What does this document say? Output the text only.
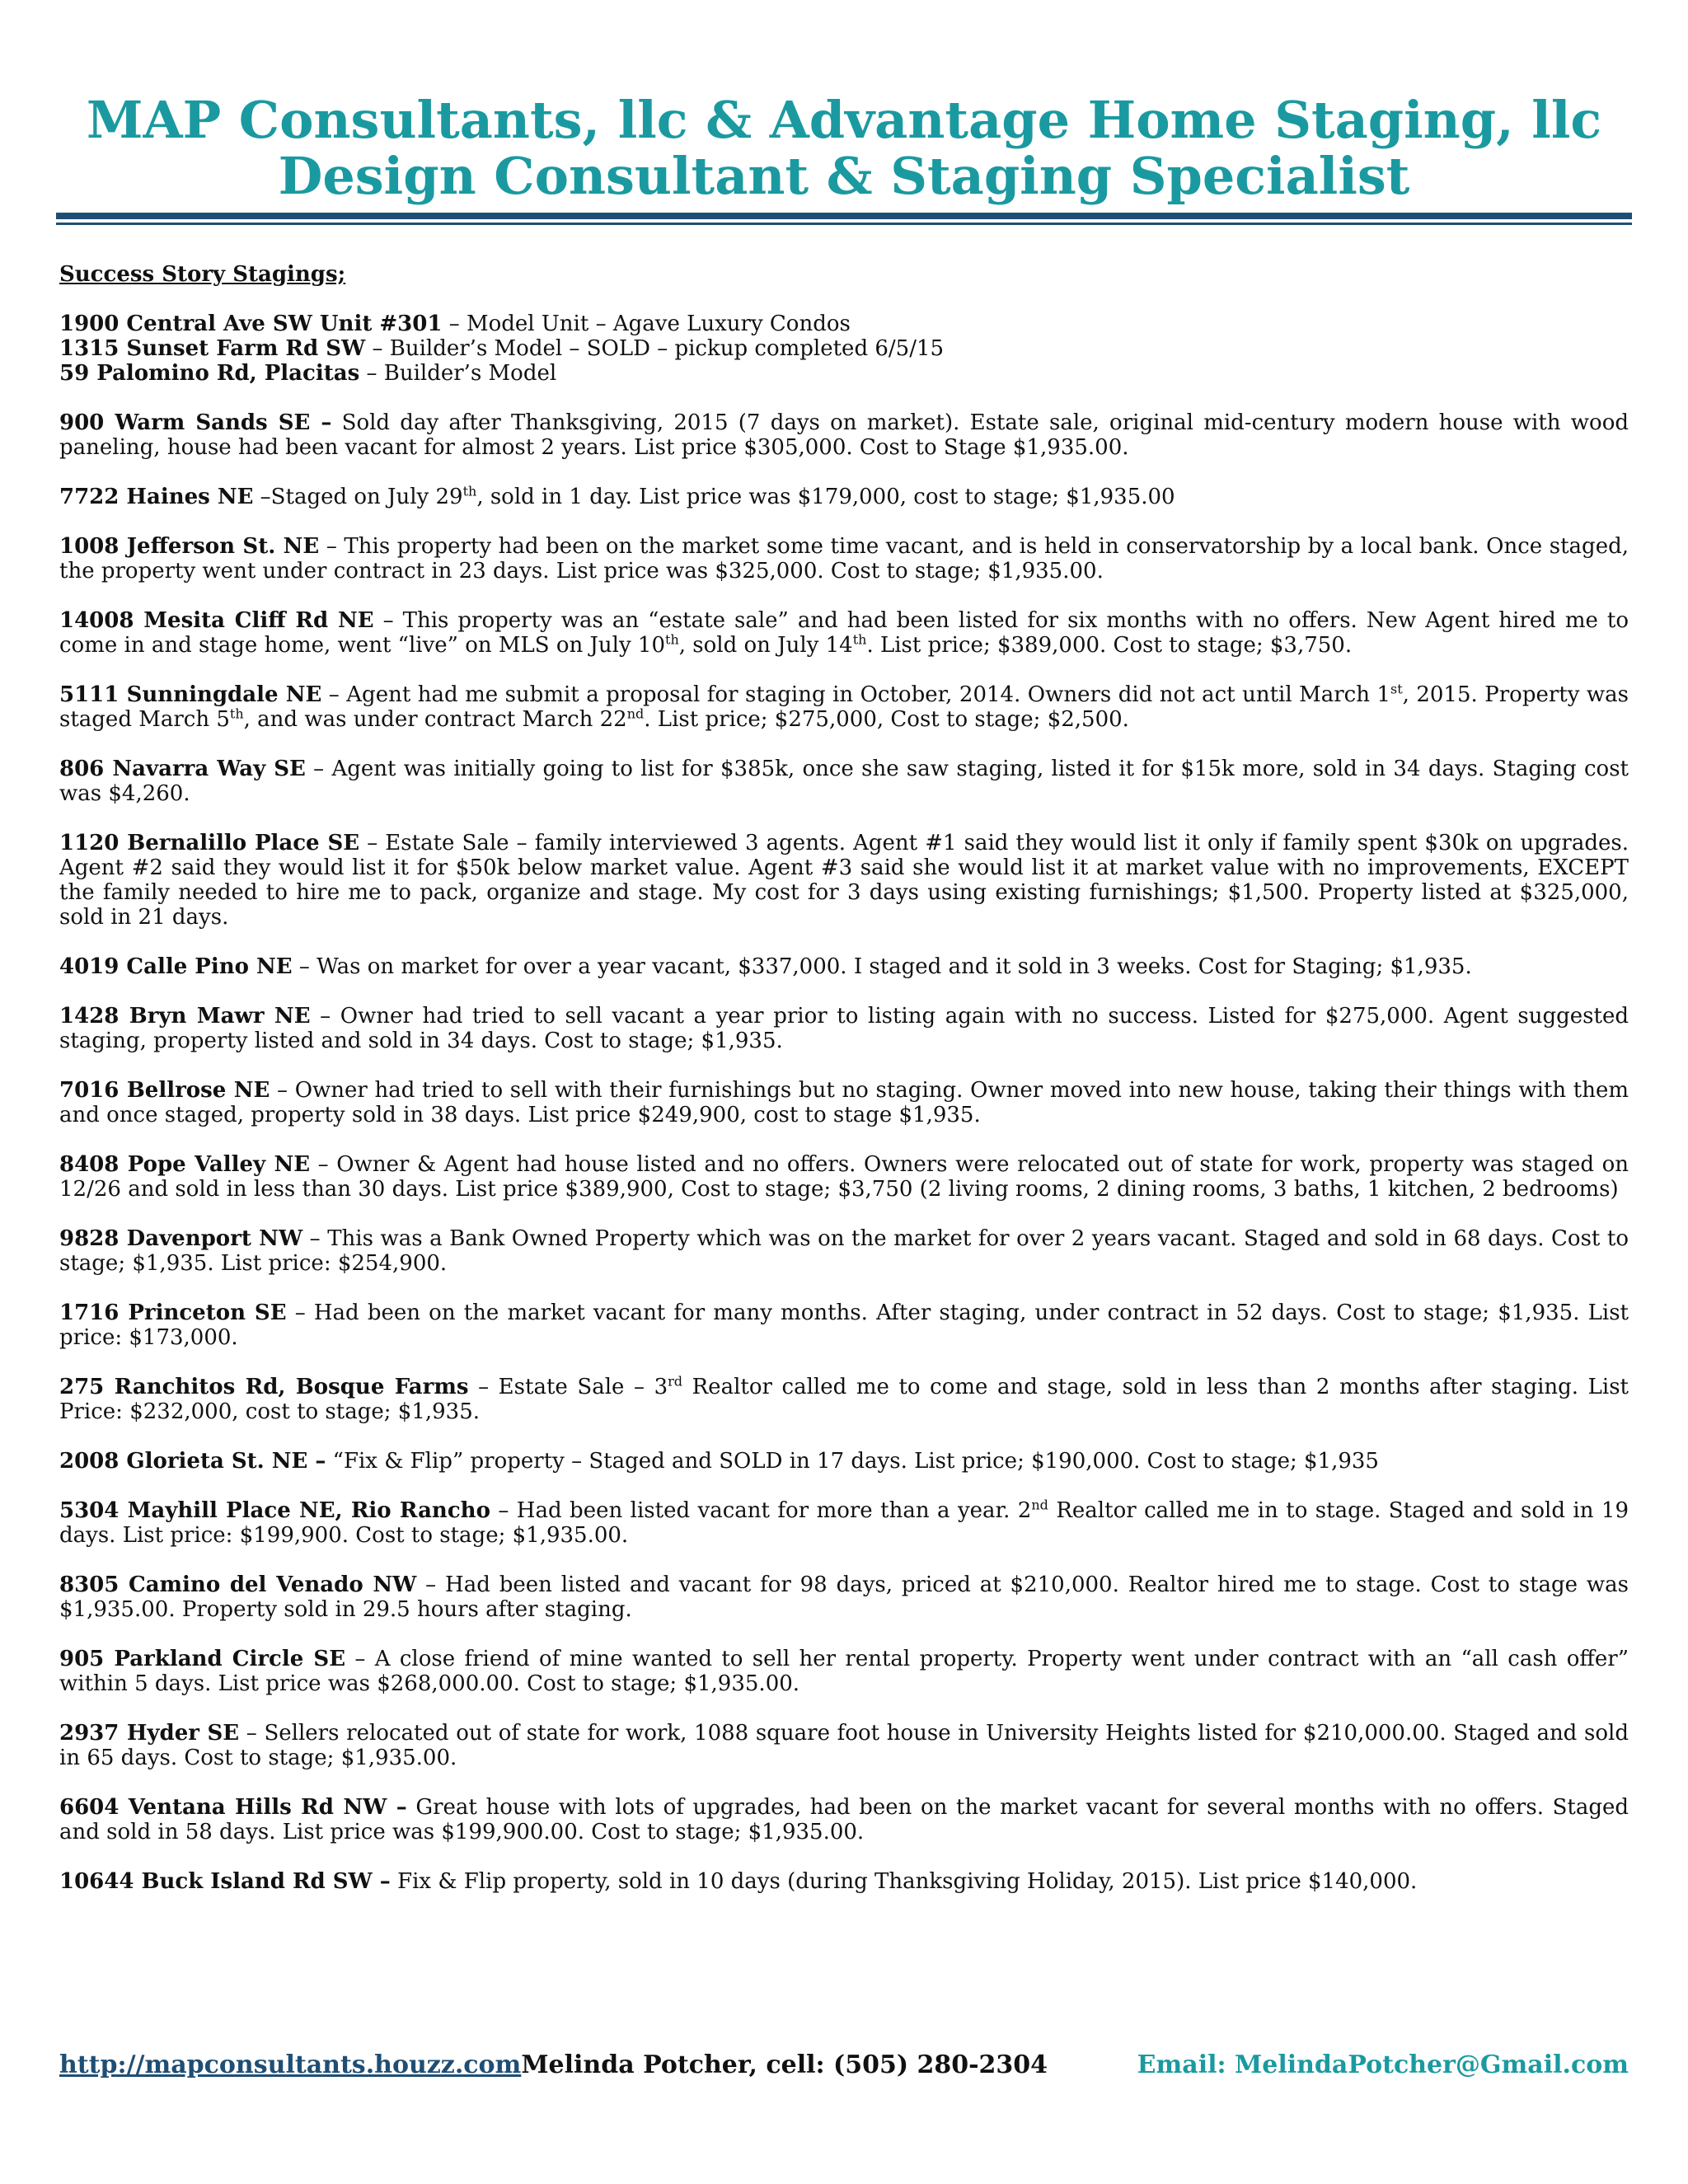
MAP Consultants, llc & Advantage Home Staging, llc
Design Consultant & Staging Specialist

Success Story Stagings;

1900 Central Ave SW Unit #301 – Model Unit – Agave Luxury Condos

1315 Sunset Farm Rd SW – Builder’s Model – SOLD – pickup completed 6/5/15

59 Palomino Rd, Placitas – Builder’s Model

900 Warm Sands SE – Sold day after Thanksgiving, 2015 (7 days on market). Estate sale, original mid-century modern house with wood paneling, house had been vacant for almost 2 years. List price $305,000. Cost to Stage $1,935.00.

7722 Haines NE –Staged on July 29th, sold in 1 day. List price was $179,000, cost to stage; $1,935.00

1008 Jefferson St. NE – This property had been on the market some time vacant, and is held in conservatorship by a local bank. Once staged, the property went under contract in 23 days. List price was $325,000. Cost to stage; $1,935.00.

14008 Mesita Cliff Rd NE – This property was an “estate sale” and had been listed for six months with no offers. New Agent hired me to come in and stage home, went “live” on MLS on July 10th, sold on July 14th. List price; $389,000. Cost to stage; $3,750.

5111 Sunningdale NE – Agent had me submit a proposal for staging in October, 2014. Owners did not act until March 1st, 2015. Property was staged March 5th, and was under contract March 22nd. List price; $275,000, Cost to stage; $2,500.

806 Navarra Way SE – Agent was initially going to list for $385k, once she saw staging, listed it for $15k more, sold in 34 days. Staging cost was $4,260.

1120 Bernalillo Place SE – Estate Sale – family interviewed 3 agents. Agent #1 said they would list it only if family spent $30k on upgrades. Agent #2 said they would list it for $50k below market value. Agent #3 said she would list it at market value with no improvements, EXCEPT the family needed to hire me to pack, organize and stage. My cost for 3 days using existing furnishings; $1,500. Property listed at $325,000, sold in 21 days.

4019 Calle Pino NE – Was on market for over a year vacant, $337,000. I staged and it sold in 3 weeks. Cost for Staging; $1,935.

1428 Bryn Mawr NE – Owner had tried to sell vacant a year prior to listing again with no success. Listed for $275,000. Agent suggested staging, property listed and sold in 34 days. Cost to stage; $1,935.

7016 Bellrose NE – Owner had tried to sell with their furnishings but no staging. Owner moved into new house, taking their things with them and once staged, property sold in 38 days. List price $249,900, cost to stage $1,935.

8408 Pope Valley NE – Owner & Agent had house listed and no offers. Owners were relocated out of state for work, property was staged on 12/26 and sold in less than 30 days. List price $389,900, Cost to stage; $3,750 (2 living rooms, 2 dining rooms, 3 baths, 1 kitchen, 2 bedrooms)

9828 Davenport NW – This was a Bank Owned Property which was on the market for over 2 years vacant. Staged and sold in 68 days. Cost to stage; $1,935. List price: $254,900.

1716 Princeton SE – Had been on the market vacant for many months. After staging, under contract in 52 days. Cost to stage; $1,935. List price: $173,000.

275 Ranchitos Rd, Bosque Farms – Estate Sale – 3rd Realtor called me to come and stage, sold in less than 2 months after staging. List Price: $232,000, cost to stage; $1,935.

2008 Glorieta St. NE – “Fix & Flip” property – Staged and SOLD in 17 days. List price; $190,000. Cost to stage; $1,935

5304 Mayhill Place NE, Rio Rancho – Had been listed vacant for more than a year. 2nd Realtor called me in to stage. Staged and sold in 19 days. List price: $199,900. Cost to stage; $1,935.00.

8305 Camino del Venado NW – Had been listed and vacant for 98 days, priced at $210,000. Realtor hired me to stage. Cost to stage was $1,935.00. Property sold in 29.5 hours after staging.

905 Parkland Circle SE – A close friend of mine wanted to sell her rental property. Property went under contract with an “all cash offer” within 5 days. List price was $268,000.00. Cost to stage; $1,935.00.

2937 Hyder SE – Sellers relocated out of state for work, 1088 square foot house in University Heights listed for $210,000.00. Staged and sold in 65 days. Cost to stage; $1,935.00.

6604 Ventana Hills Rd NW – Great house with lots of upgrades, had been on the market vacant for several months with no offers. Staged and sold in 58 days. List price was $199,900.00. Cost to stage; $1,935.00.

10644 Buck Island Rd SW – Fix & Flip property, sold in 10 days (during Thanksgiving Holiday, 2015). List price $140,000.

http://mapconsultants.houzz.comMelinda Potcher, cell: (505) 280-2304	Email: MelindaPotcher@Gmail.com
